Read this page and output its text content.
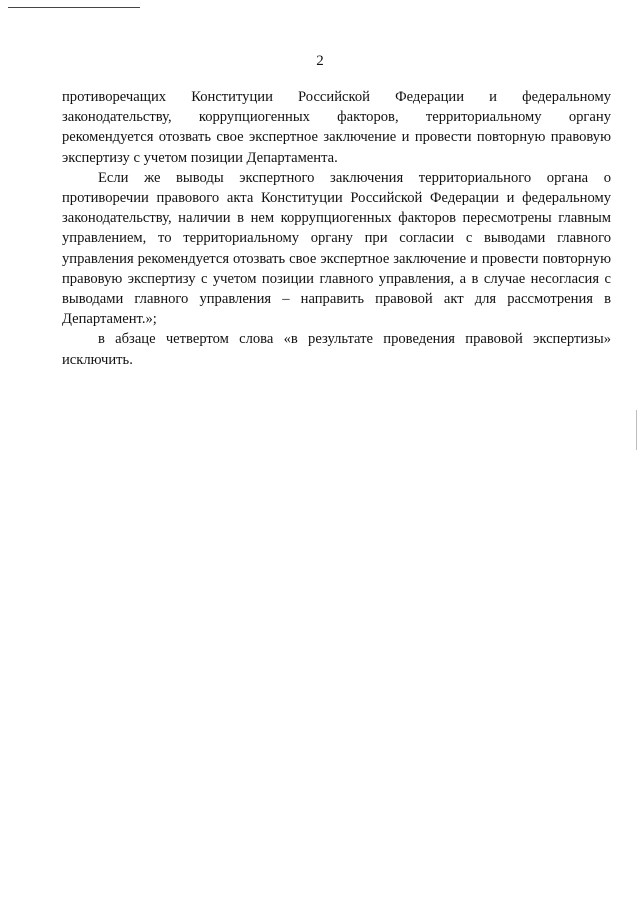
2

противоречащих Конституции Российской Федерации и федеральному законодательству, коррупциогенных факторов, территориальному органу рекомендуется отозвать свое экспертное заключение и провести повторную правовую экспертизу с учетом позиции Департамента.

Если же выводы экспертного заключения территориального органа о противоречии правового акта Конституции Российской Федерации и федеральному законодательству, наличии в нем коррупциогенных факторов пересмотрены главным управлением, то территориальному органу при согласии с выводами главного управления рекомендуется отозвать свое экспертное заключение и провести повторную правовую экспертизу с учетом позиции главного управления, а в случае несогласия с выводами главного управления – направить правовой акт для рассмотрения в Департамент.»;

в абзаце четвертом слова «в результате проведения правовой экспертизы» исключить.
